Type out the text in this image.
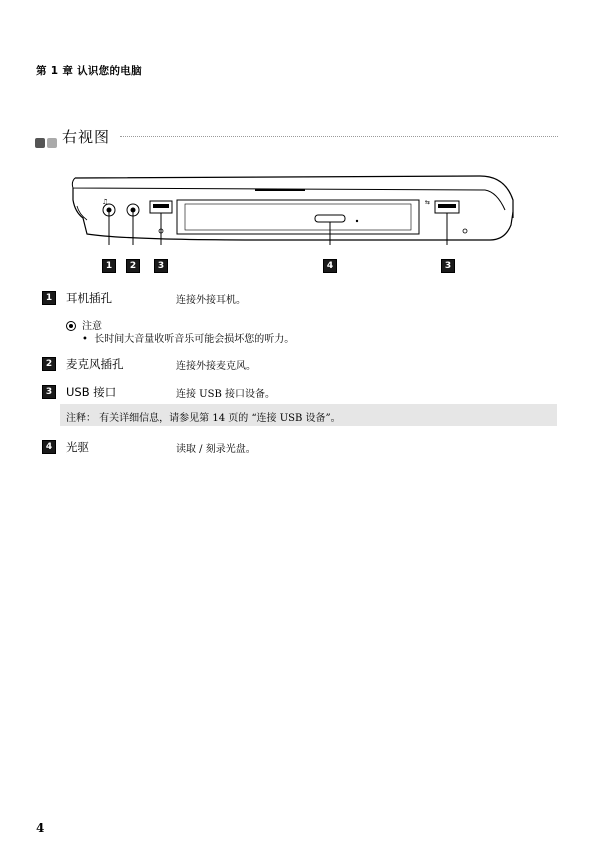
第 1 章 认识您的电脑
右视图
♫	⇆
1	2	3	4	3
1	耳机插孔	连接外接耳机。
注意
•  长时间大音量收听音乐可能会损坏您的听力。
2	麦克风插孔	连接外接麦克风。
3	USB 接口	连接 USB 接口设备。
注释： 有关详细信息，请参见第 14 页的 “连接 USB 设备”。
4	光驱	读取 / 刻录光盘。
4
